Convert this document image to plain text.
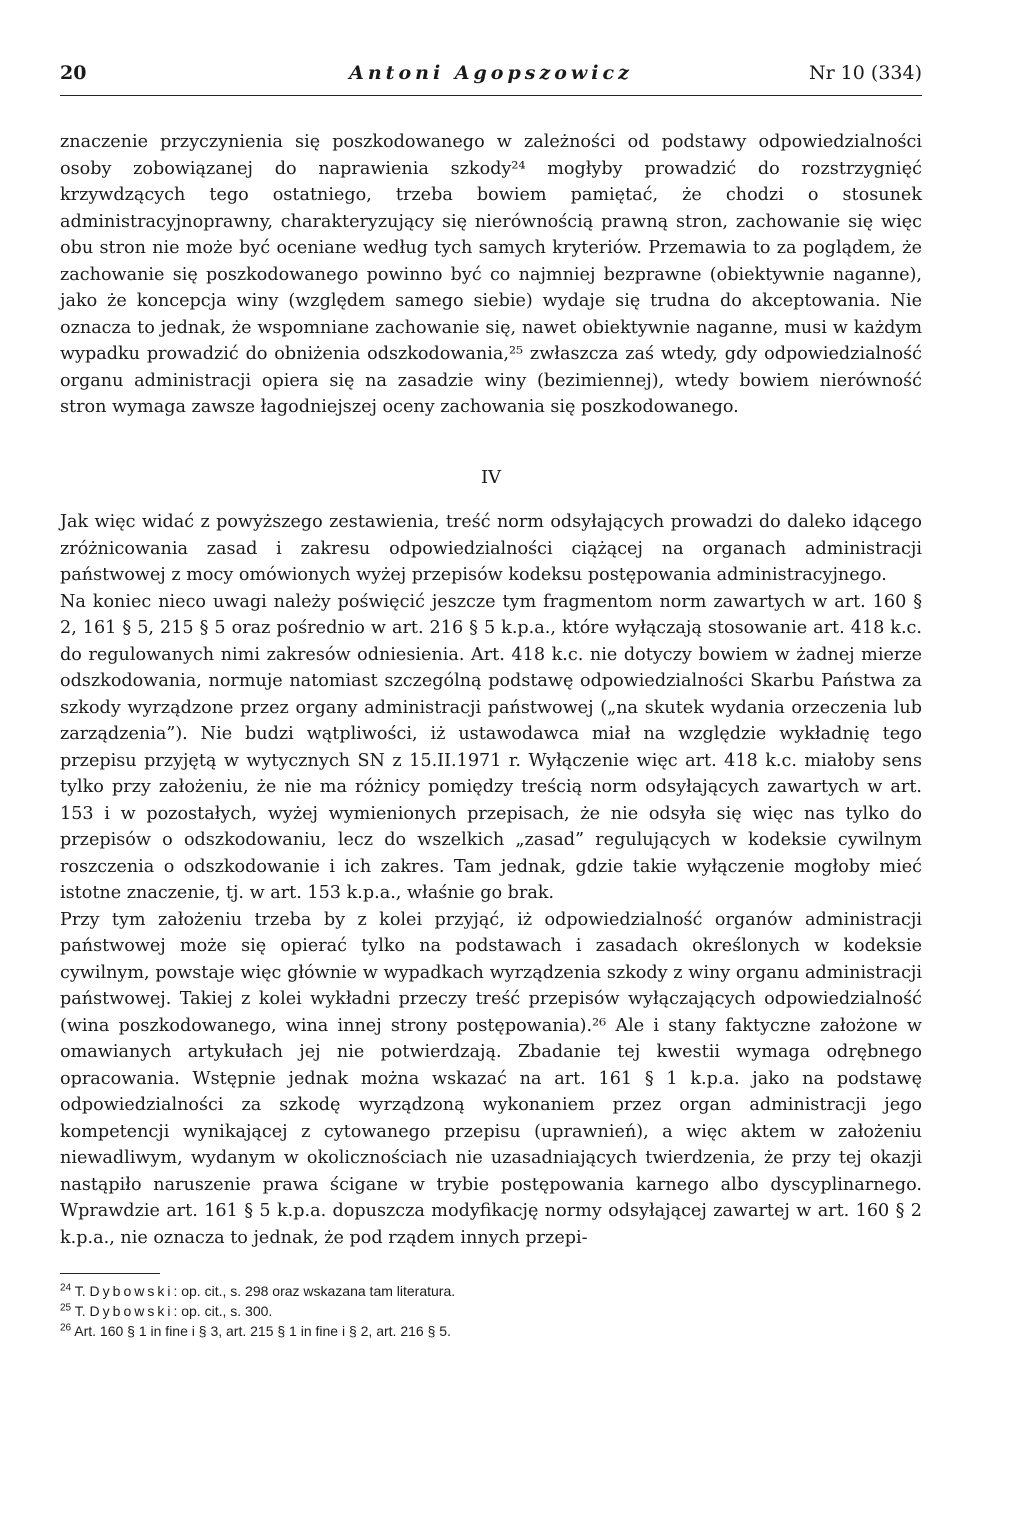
20	Antoni Agopszowicz	Nr 10 (334)

znaczenie przyczynienia się poszkodowanego w zależności od podstawy odpowiedzialności osoby zobowiązanej do naprawienia szkody²⁴ mogłyby prowadzić do rozstrzygnięć krzywdzących tego ostatniego, trzeba bowiem pamiętać, że chodzi o stosunek administracyjnoprawny, charakteryzujący się nierównością prawną stron, zachowanie się więc obu stron nie może być oceniane według tych samych kryteriów. Przemawia to za poglądem, że zachowanie się poszkodowanego powinno być co najmniej bezprawne (obiektywnie naganne), jako że koncepcja winy (względem samego siebie) wydaje się trudna do akceptowania. Nie oznacza to jednak, że wspomniane zachowanie się, nawet obiektywnie naganne, musi w każdym wypadku prowadzić do obniżenia odszkodowania,²⁵ zwłaszcza zaś wtedy, gdy odpowiedzialność organu administracji opiera się na zasadzie winy (bezimiennej), wtedy bowiem nierówność stron wymaga zawsze łagodniejszej oceny zachowania się poszkodowanego.

IV

Jak więc widać z powyższego zestawienia, treść norm odsyłających prowadzi do daleko idącego zróżnicowania zasad i zakresu odpowiedzialności ciążącej na organach administracji państwowej z mocy omówionych wyżej przepisów kodeksu postępowania administracyjnego.

Na koniec nieco uwagi należy poświęcić jeszcze tym fragmentom norm zawartych w art. 160 § 2, 161 § 5, 215 § 5 oraz pośrednio w art. 216 § 5 k.p.a., które wyłączają stosowanie art. 418 k.c. do regulowanych nimi zakresów odniesienia. Art. 418 k.c. nie dotyczy bowiem w żadnej mierze odszkodowania, normuje natomiast szczególną podstawę odpowiedzialności Skarbu Państwa za szkody wyrządzone przez organy administracji państwowej („na skutek wydania orzeczenia lub zarządzenia”). Nie budzi wątpliwości, iż ustawodawca miał na względzie wykładnię tego przepisu przyjętą w wytycznych SN z 15.II.1971 r. Wyłączenie więc art. 418 k.c. miałoby sens tylko przy założeniu, że nie ma różnicy pomiędzy treścią norm odsyłających zawartych w art. 153 i w pozostałych, wyżej wymienionych przepisach, że nie odsyła się więc nas tylko do przepisów o odszkodowaniu, lecz do wszelkich „zasad” regulujących w kodeksie cywilnym roszczenia o odszkodowanie i ich zakres. Tam jednak, gdzie takie wyłączenie mogłoby mieć istotne znaczenie, tj. w art. 153 k.p.a., właśnie go brak.

Przy tym założeniu trzeba by z kolei przyjąć, iż odpowiedzialność organów administracji państwowej może się opierać tylko na podstawach i zasadach określonych w kodeksie cywilnym, powstaje więc głównie w wypadkach wyrządzenia szkody z winy organu administracji państwowej. Takiej z kolei wykładni przeczy treść przepisów wyłączających odpowiedzialność (wina poszkodowanego, wina innej strony postępowania).²⁶ Ale i stany faktyczne założone w omawianych artykułach jej nie potwierdzają. Zbadanie tej kwestii wymaga odrębnego opracowania. Wstępnie jednak można wskazać na art. 161 § 1 k.p.a. jako na podstawę odpowiedzialności za szkodę wyrządzoną wykonaniem przez organ administracji jego kompetencji wynikającej z cytowanego przepisu (uprawnień), a więc aktem w założeniu niewadliwym, wydanym w okolicznościach nie uzasadniających twierdzenia, że przy tej okazji nastąpiło naruszenie prawa ścigane w trybie postępowania karnego albo dyscyplinarnego. Wprawdzie art. 161 § 5 k.p.a. dopuszcza modyfikację normy odsyłającej zawartej w art. 160 § 2 k.p.a., nie oznacza to jednak, że pod rządem innych przepi-

$^{24}$ T. Dybowski: op. cit., s. 298 oraz wskazana tam literatura.
$^{25}$ T. Dybowski: op. cit., s. 300.
$^{26}$ Art. 160 § 1 in fine i § 3, art. 215 § 1 in fine i § 2, art. 216 § 5.
